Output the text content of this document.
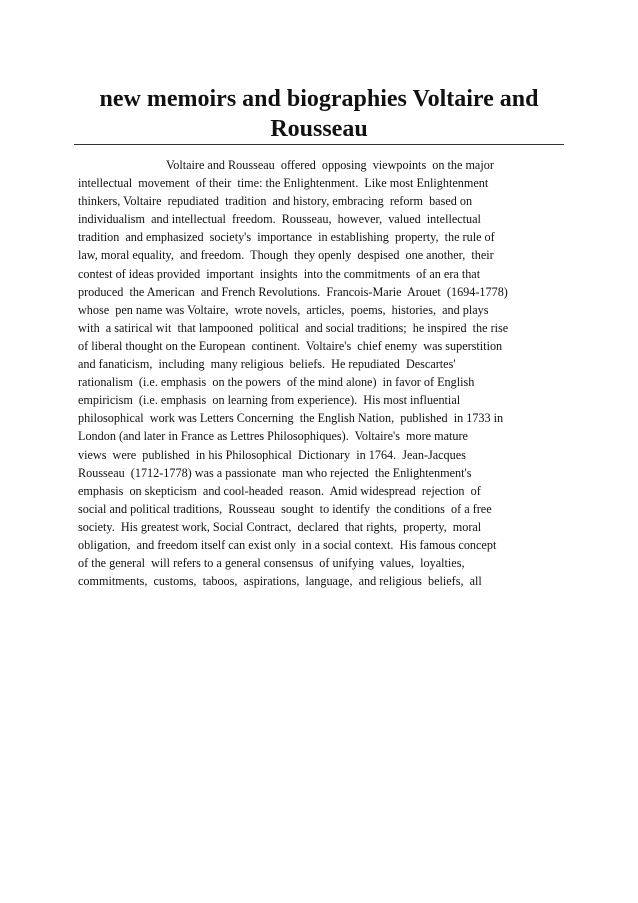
new memoirs and biographies Voltaire and Rousseau
Voltaire and Rousseau  offered  opposing  viewpoints  on the major
intellectual  movement  of their  time: the Enlightenment.  Like most Enlightenment
thinkers, Voltaire  repudiated  tradition  and history, embracing  reform  based on
individualism  and intellectual  freedom.  Rousseau,  however,  valued  intellectual
tradition  and emphasized  society's  importance  in establishing  property,  the rule of
law, moral equality,  and freedom.  Though  they openly  despised  one another,  their
contest of ideas provided  important  insights  into the commitments  of an era that
produced  the American  and French Revolutions.  Francois-Marie  Arouet  (1694-1778)
whose  pen name was Voltaire,  wrote novels,  articles,  poems,  histories,  and plays
with  a satirical wit  that lampooned  political  and social traditions;  he inspired  the rise
of liberal thought on the European  continent.  Voltaire's  chief enemy  was superstition
and fanaticism,  including  many religious  beliefs.  He repudiated  Descartes'
rationalism  (i.e. emphasis  on the powers  of the mind alone)  in favor of English
empiricism  (i.e. emphasis  on learning from experience).  His most influential
philosophical  work was Letters Concerning  the English Nation,  published  in 1733 in
London (and later in France as Lettres Philosophiques).  Voltaire's  more mature
views  were  published  in his Philosophical  Dictionary  in 1764.  Jean-Jacques
Rousseau  (1712-1778) was a passionate  man who rejected  the Enlightenment's
emphasis  on skepticism  and cool-headed  reason.  Amid widespread  rejection  of
social and political traditions,  Rousseau  sought  to identify  the conditions  of a free
society.  His greatest work, Social Contract,  declared  that rights,  property,  moral
obligation,  and freedom itself can exist only  in a social context.  His famous concept
of the general  will refers to a general consensus  of unifying  values,  loyalties,
commitments,  customs,  taboos,  aspirations,  language,  and religious  beliefs,  all
